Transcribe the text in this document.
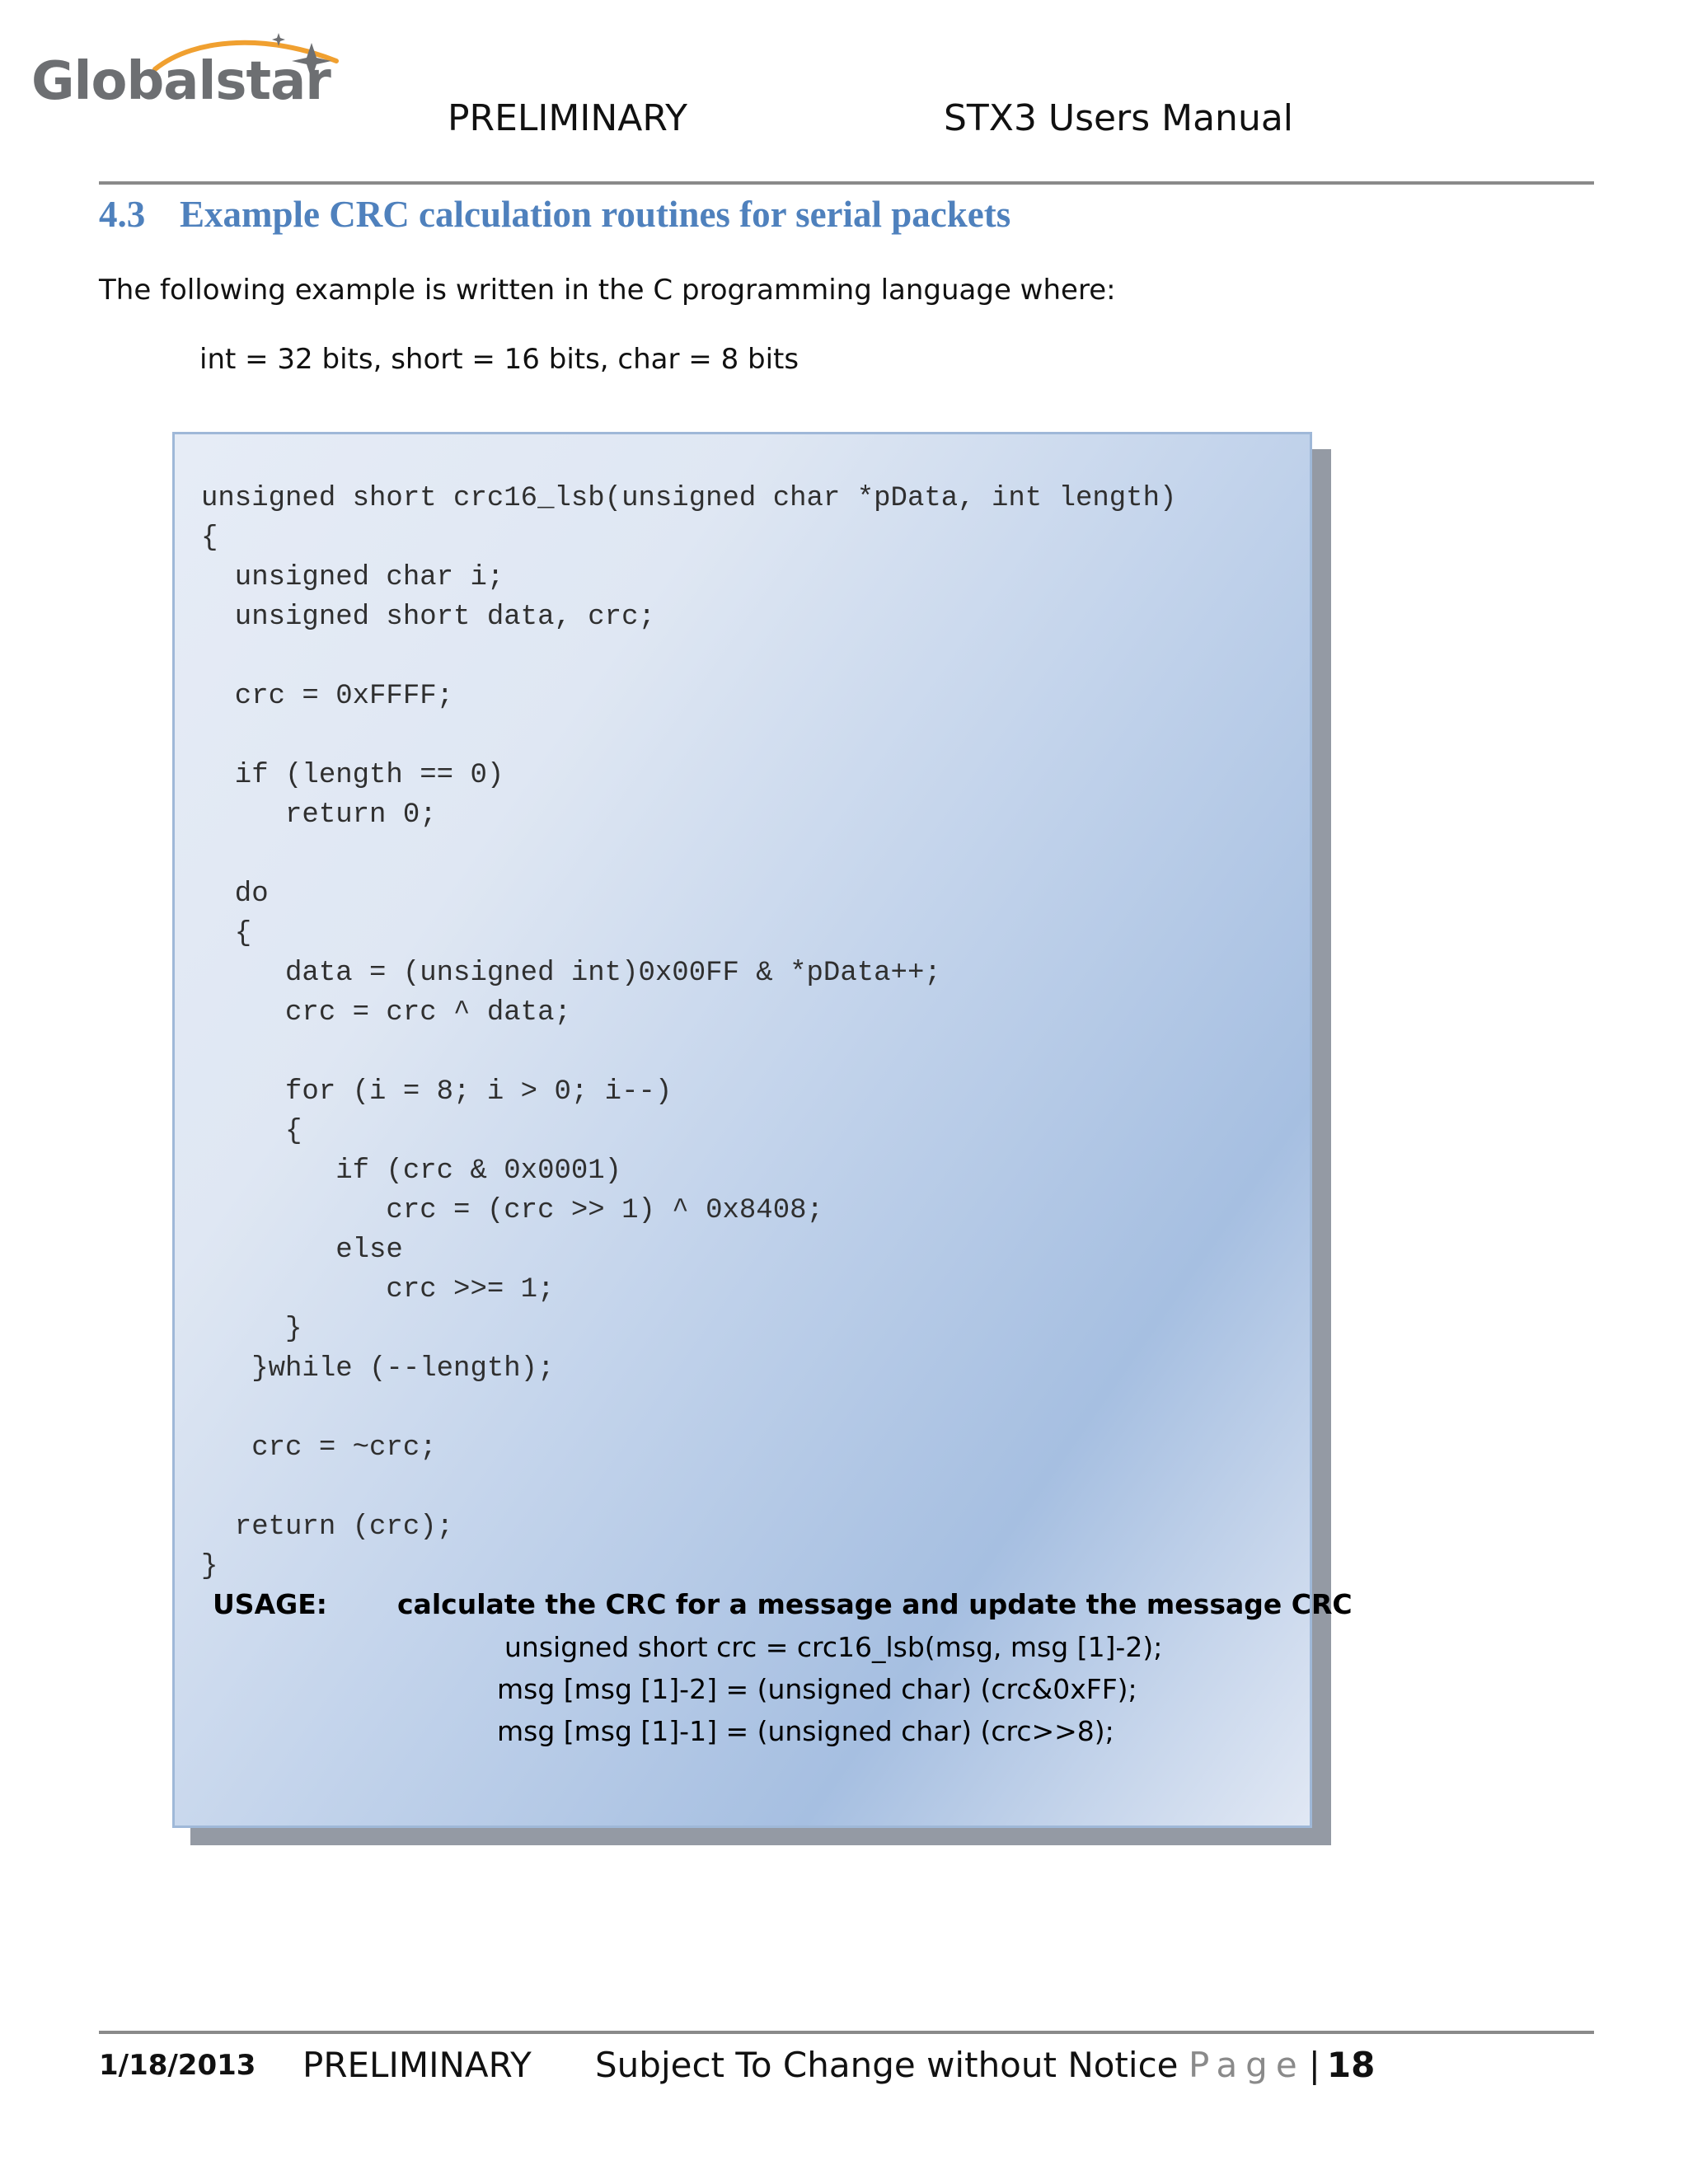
Globalstar
PRELIMINARY	STX3 Users Manual
4.3 Example CRC calculation routines for serial packets
The following example is written in the C programming language where:
int = 32 bits, short = 16 bits, char = 8 bits
unsigned short crc16_lsb(unsigned char *pData, int length)
{
unsigned char i;
unsigned short data, crc;
crc = 0xFFFF;
if (length == 0)
return 0;
do
{
data = (unsigned int)0x00FF & *pData++;
crc = crc ^ data;
for (i = 8; i > 0; i--)
{
if (crc & 0x0001)
crc = (crc >> 1) ^ 0x8408;
else
crc >>= 1;
}
}while (--length);
crc = ~crc;
return (crc);
}
USAGE:	calculate the CRC for a message and update the message CRC
unsigned short crc = crc16_lsb(msg, msg [1]-2);
msg [msg [1]-2] = (unsigned char) (crc&0xFF);
msg [msg [1]-1] = (unsigned char) (crc>>8);
1/18/2013 PRELIMINARY Subject To Change without Notice Page| 18
